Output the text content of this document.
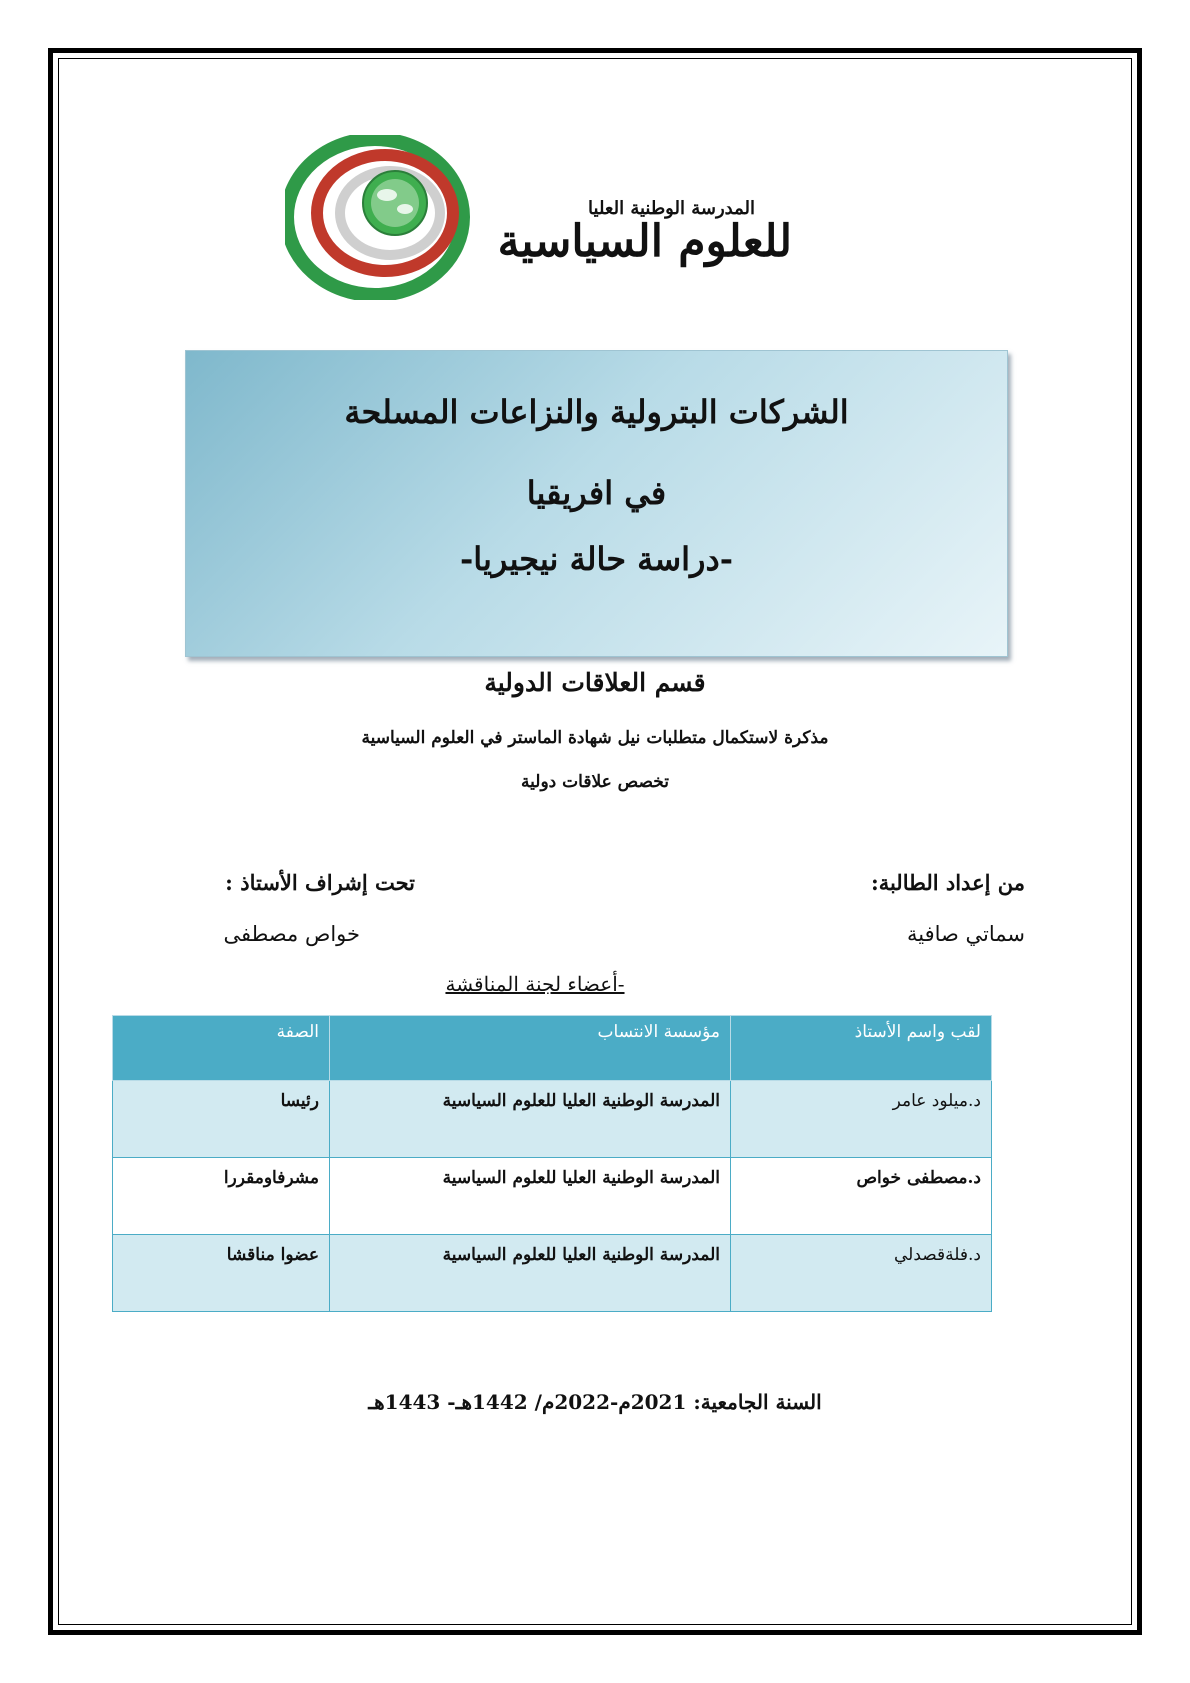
المدرسة الوطنية العليا
للعلوم السياسية
الشركات البترولية والنزاعات المسلحة
في افريقيا
-دراسة حالة نيجيريا-
قسم العلاقات الدولية
مذكرة لاستكمال متطلبات نيل شهادة الماستر في العلوم السياسية
تخصص علاقات دولية
من إعداد الطالبة:
تحت إشراف الأستاذ :
سماتي صافية
خواص مصطفى
-أعضاء لجنة المناقشة
لقب واسم الأستاذ	مؤسسة الانتساب	الصفة
د.ميلود عامر	المدرسة الوطنية العليا للعلوم السياسية	رئيسا
د.مصطفى خواص	المدرسة الوطنية العليا للعلوم السياسية	مشرفاومقررا
د.فلةقصدلي	المدرسة الوطنية العليا للعلوم السياسية	عضوا مناقشا
السنة الجامعية: 2021م-2022م/ 1442هـ- 1443هـ
